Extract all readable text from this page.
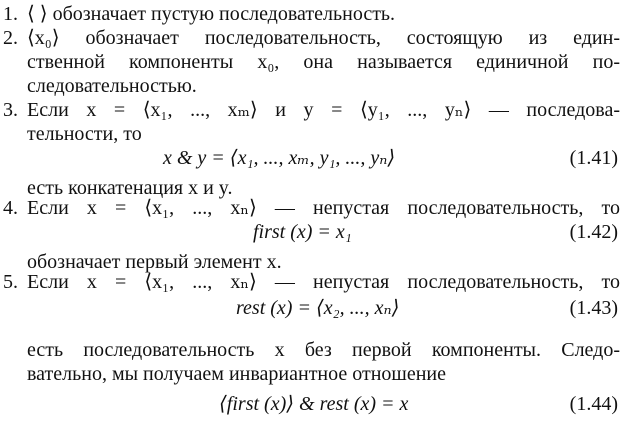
1. ⟨ ⟩ обозначает пустую последовательность.
2. ⟨x₀⟩ обозначает последовательность, состоящую из един-
ственной компоненты x₀, она называется единичной по-
следовательностью.
3. Если x = ⟨x₁, ..., xₘ⟩ и y = ⟨y₁, ..., yₙ⟩ — последова-
тельности, то
x & y = ⟨x₁, ..., xₘ, y₁, ..., yₙ⟩	(1.41)
есть конкатенация x и y.
4. Если x = ⟨x₁, ..., xₙ⟩ — непустая последовательность, то
first (x) = x₁	(1.42)
обозначает первый элемент x.
5. Если x = ⟨x₁, ..., xₙ⟩ — непустая последовательность, то
rest (x) = ⟨x₂, ..., xₙ⟩	(1.43)
есть последовательность x без первой компоненты. Следо-
вательно, мы получаем инвариантное отношение
⟨first (x)⟩ & rest (x) = x	(1.44)
